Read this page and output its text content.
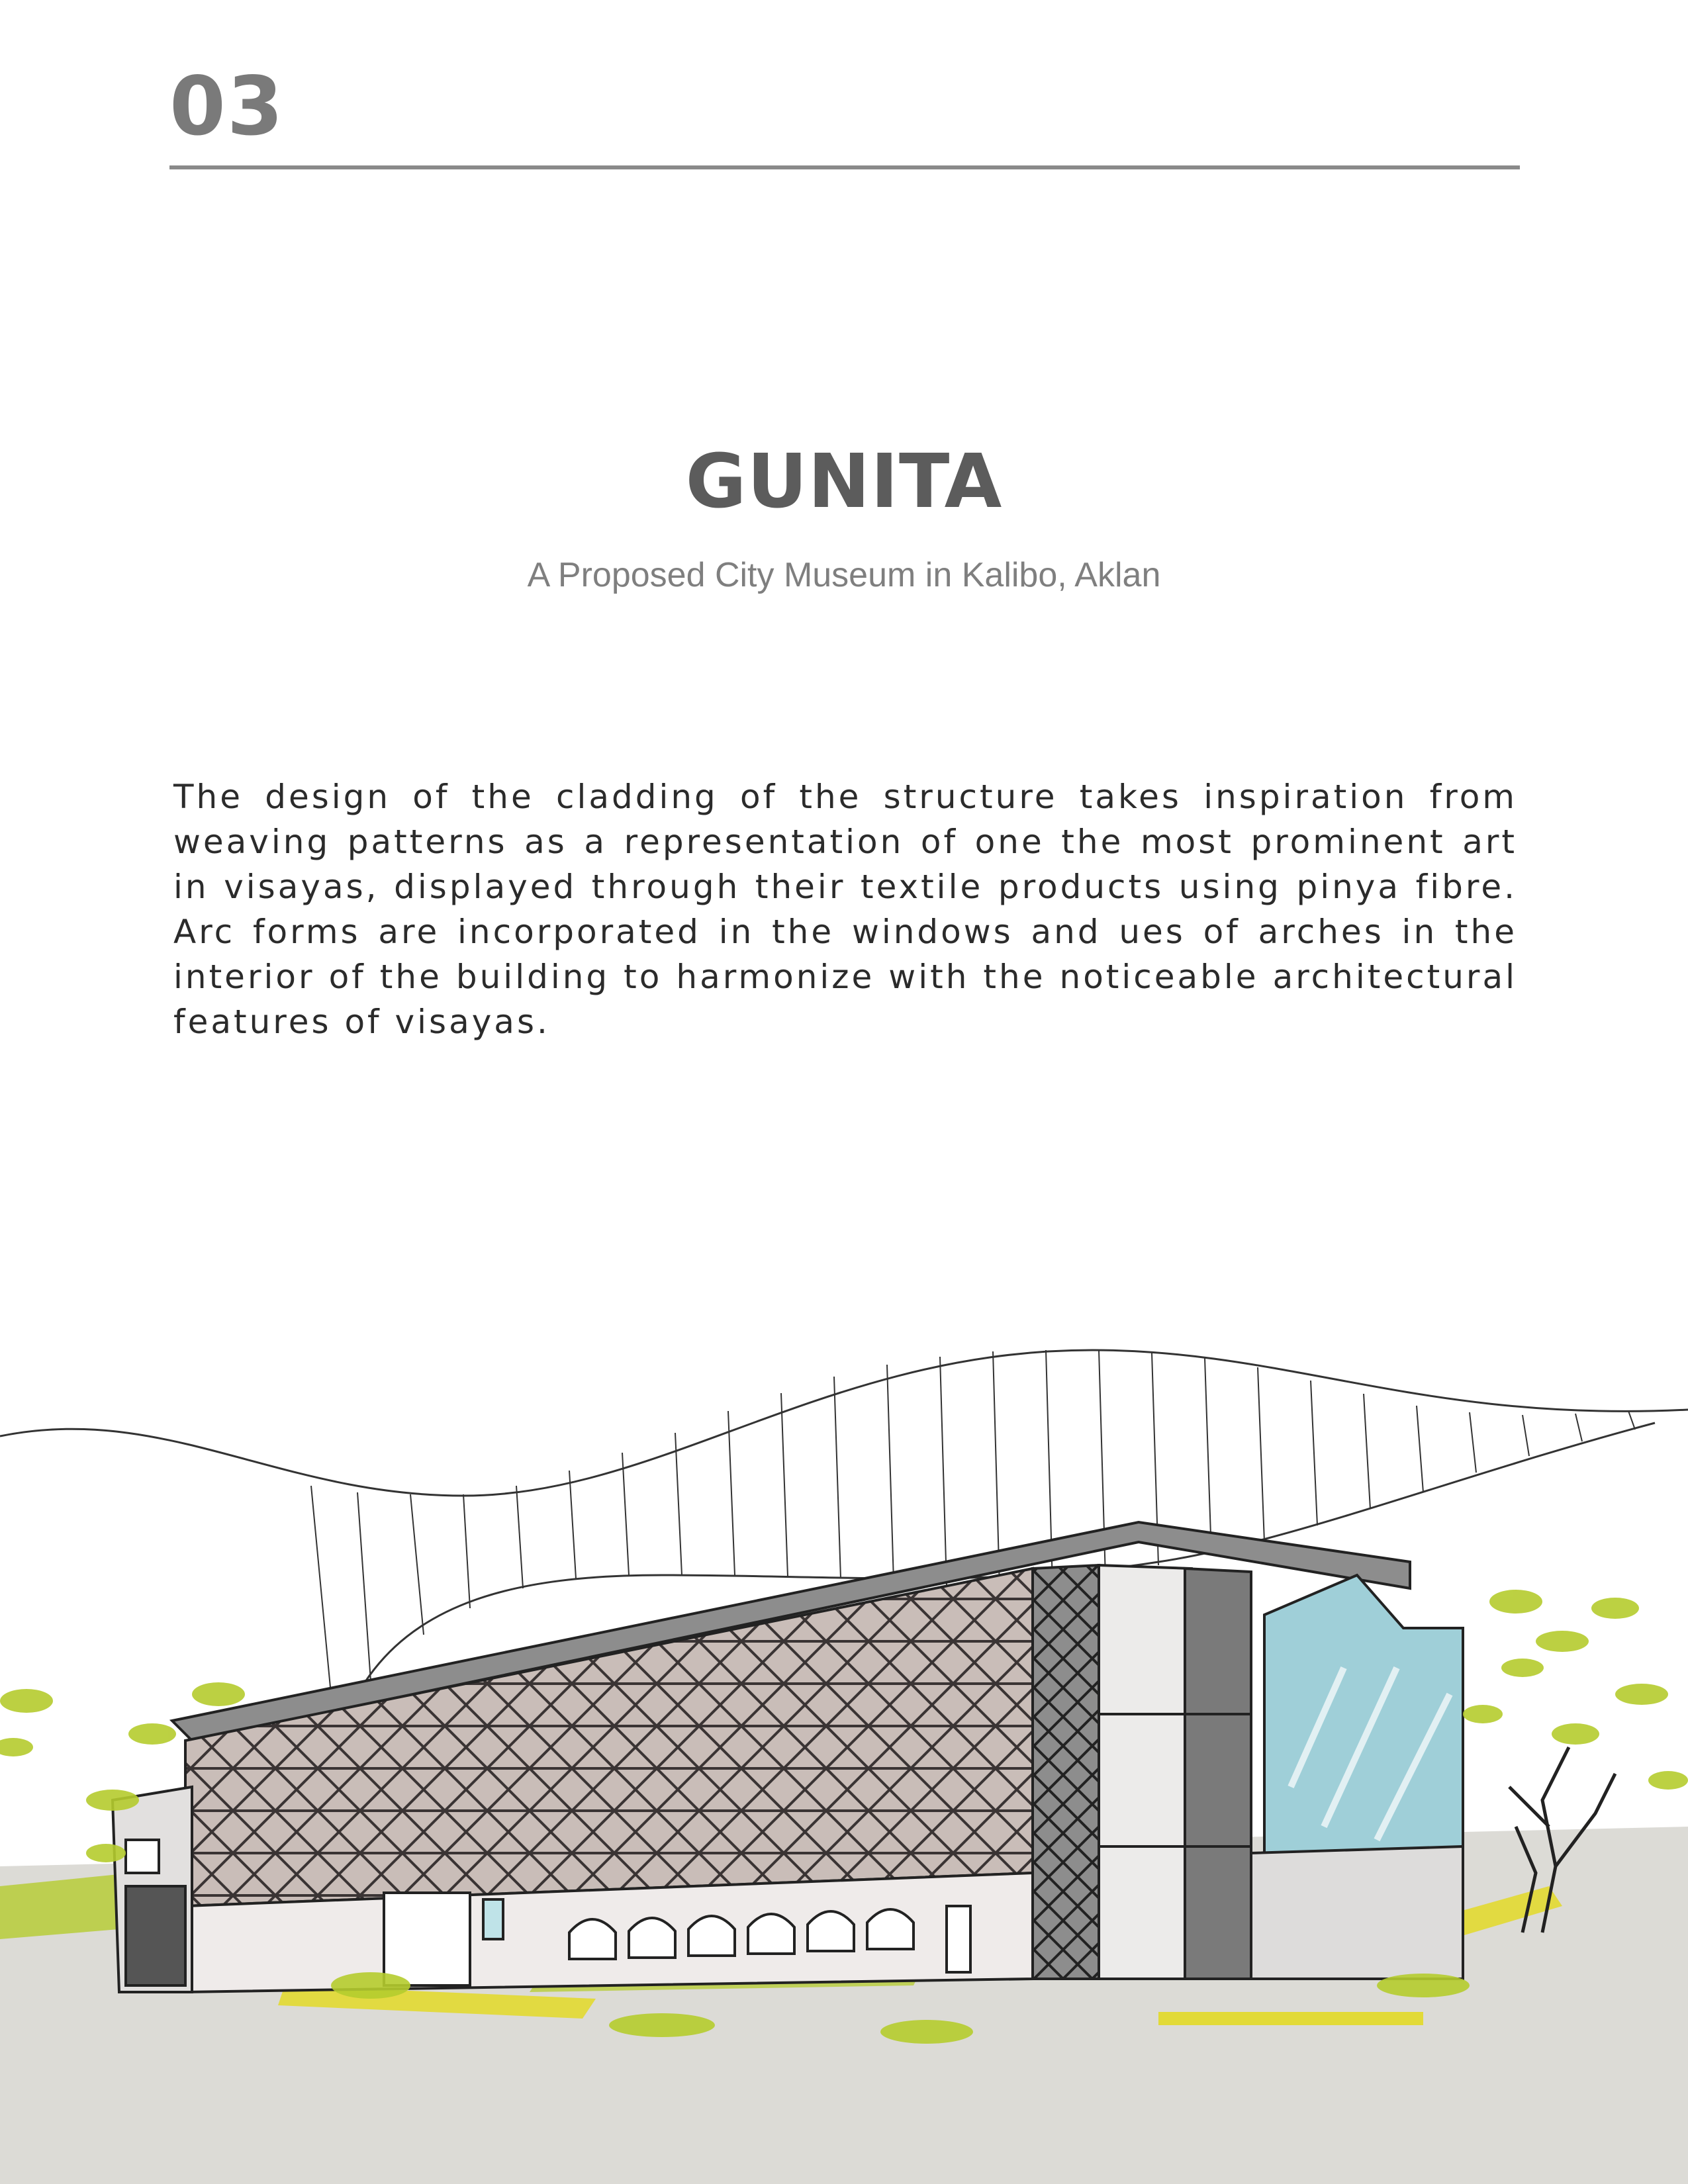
03
GUNITA
A Proposed City Museum in Kalibo, Aklan

The design of the cladding of the structure takes inspiration from weaving patterns as a representation of one the most prominent art in visayas, displayed through their textile products using pinya fibre. Arc forms are incorporated in the windows and ues of arches in the interior of the building to harmonize with the noticeable architectural features of visayas.
